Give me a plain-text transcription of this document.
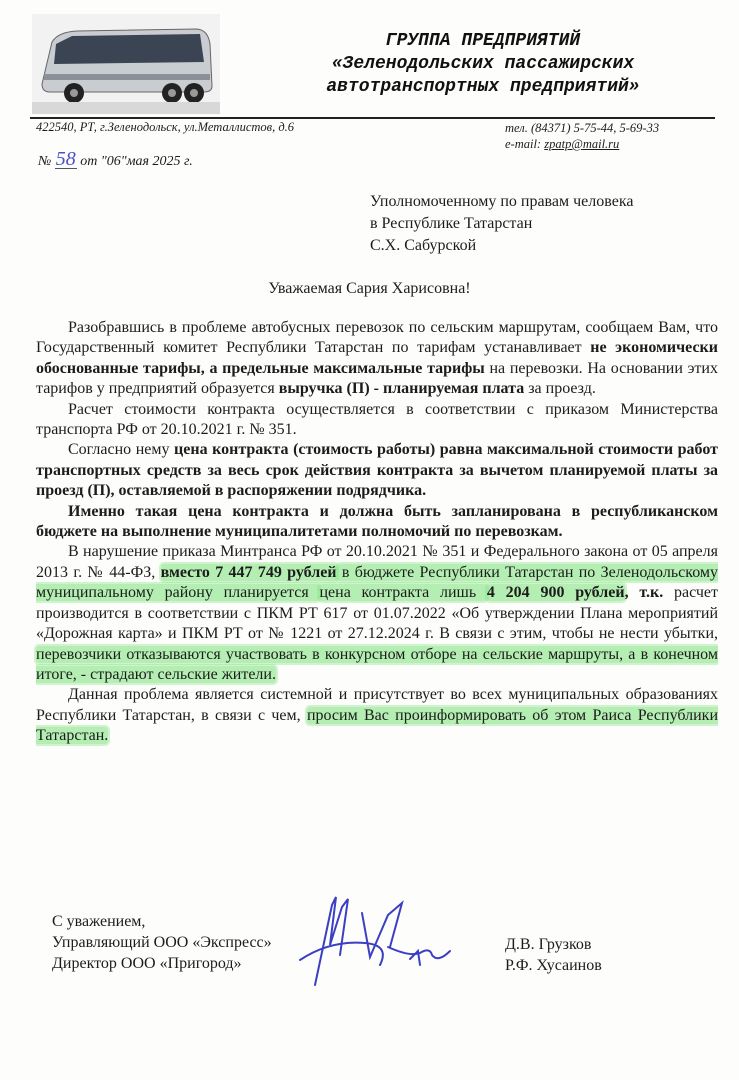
ГРУППА ПРЕДПРИЯТИЙ
«Зеленодольских пассажирских
автотранспортных предприятий»
422540, РТ, г.Зеленодольск, ул.Металлистов, д.6	тел. (84371) 5-75-44, 5-69-33
e-mail: zpatp@mail.ru
№ 58 от "06"мая 2025 г.
Уполномоченному по правам человека
в Республике Татарстан
С.Х. Сабурской
Уважаемая Сария Харисовна!

Разобравшись в проблеме автобусных перевозок по сельским маршрутам, сообщаем Вам, что Государственный комитет Республики Татарстан по тарифам устанавливает не экономически обоснованные тарифы, а предельные максимальные тарифы на перевозки. На основании этих тарифов у предприятий образуется выручка (П) - планируемая плата за проезд.

Расчет стоимости контракта осуществляется в соответствии с приказом Министерства транспорта РФ от 20.10.2021 г. № 351.

Согласно нему цена контракта (стоимость работы) равна максимальной стоимости работ транспортных средств за весь срок действия контракта за вычетом планируемой платы за проезд (П), оставляемой в распоряжении подрядчика.

Именно такая цена контракта и должна быть запланирована в республиканском бюджете на выполнение муниципалитетами полномочий по перевозкам.

В нарушение приказа Минтранса РФ от 20.10.2021 № 351 и Федерального закона от 05 апреля 2013 г. № 44-ФЗ, вместо 7 447 749 рублей в бюджете Республики Татарстан по Зеленодольскому муниципальному району планируется цена контракта лишь 4 204 900 рублей, т.к. расчет производится в соответствии с ПКМ РТ 617 от 01.07.2022 «Об утверждении Плана мероприятий «Дорожная карта» и ПКМ РТ от № 1221 от 27.12.2024 г. В связи с этим, чтобы не нести убытки, перевозчики отказываются участвовать в конкурсном отборе на сельские маршруты, а в конечном итоге, - страдают сельские жители.

Данная проблема является системной и присутствует во всех муниципальных образованиях Республики Татарстан, в связи с чем, просим Вас проинформировать об этом Раиса Республики Татарстан.

С уважением,
Управляющий ООО «Экспресс»
Директор ООО «Пригород»
Д.В. Грузков
Р.Ф. Хусаинов
